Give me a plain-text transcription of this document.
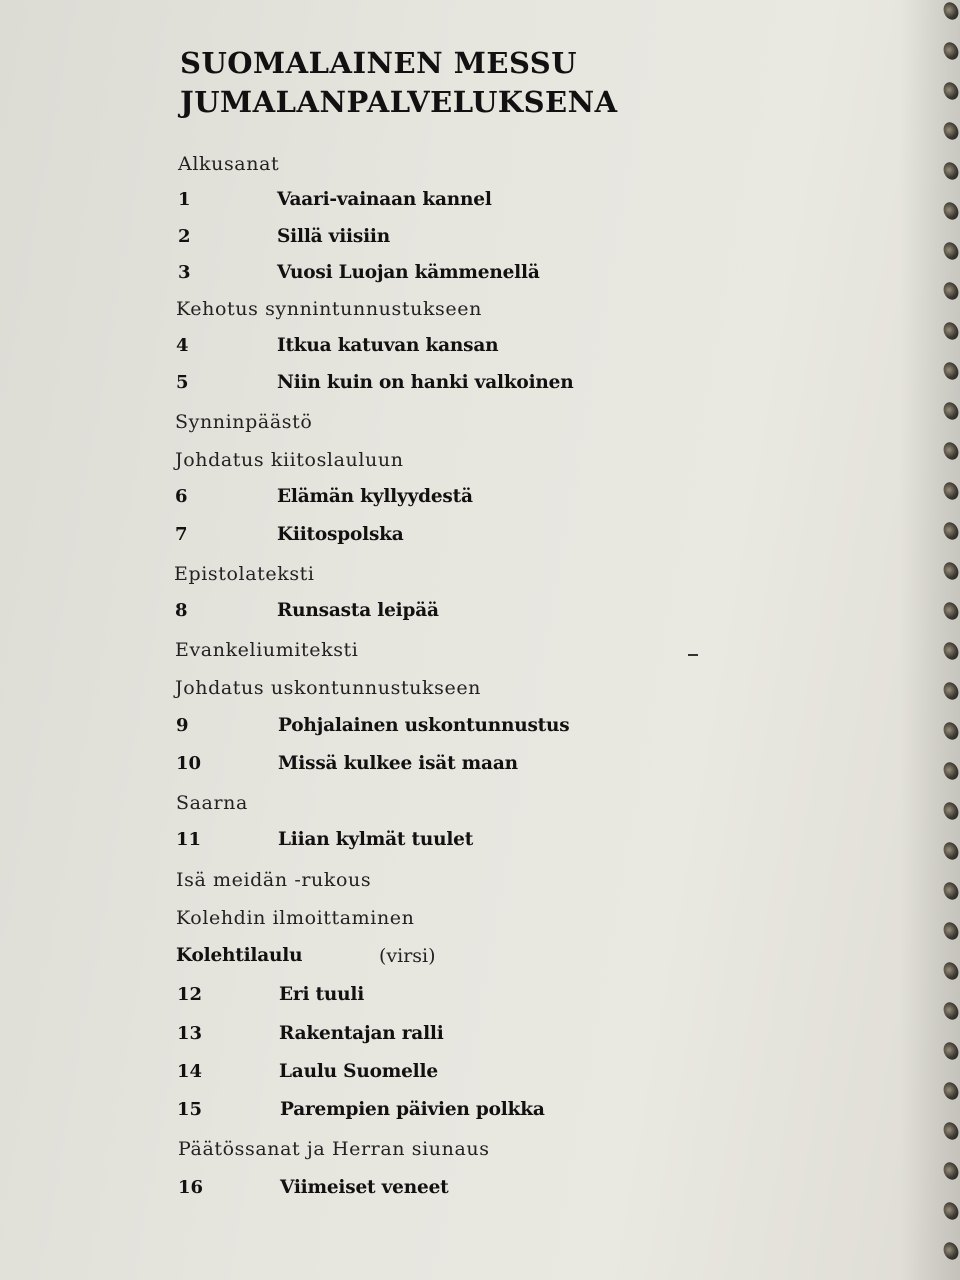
SUOMALAINEN MESSU
JUMALANPALVELUKSENA
Alkusanat
1	Vaari-vainaan kannel
2	Sillä viisiin
3	Vuosi Luojan kämmenellä
Kehotus synnintunnustukseen
4	Itkua katuvan kansan
5	Niin kuin on hanki valkoinen
Synninpäästö
Johdatus kiitoslauluun
6	Elämän kyllyydestä
7	Kiitospolska
Epistolateksti
8	Runsasta leipää
Evankeliumiteksti
Johdatus uskontunnustukseen
9	Pohjalainen uskontunnustus
10	Missä kulkee isät maan
Saarna
11	Liian kylmät tuulet
Isä meidän -rukous
Kolehdin ilmoittaminen
Kolehtilaulu	(virsi)
12	Eri tuuli
13	Rakentajan ralli
14	Laulu Suomelle
15	Parempien päivien polkka
Päätössanat ja Herran siunaus
16	Viimeiset veneet
